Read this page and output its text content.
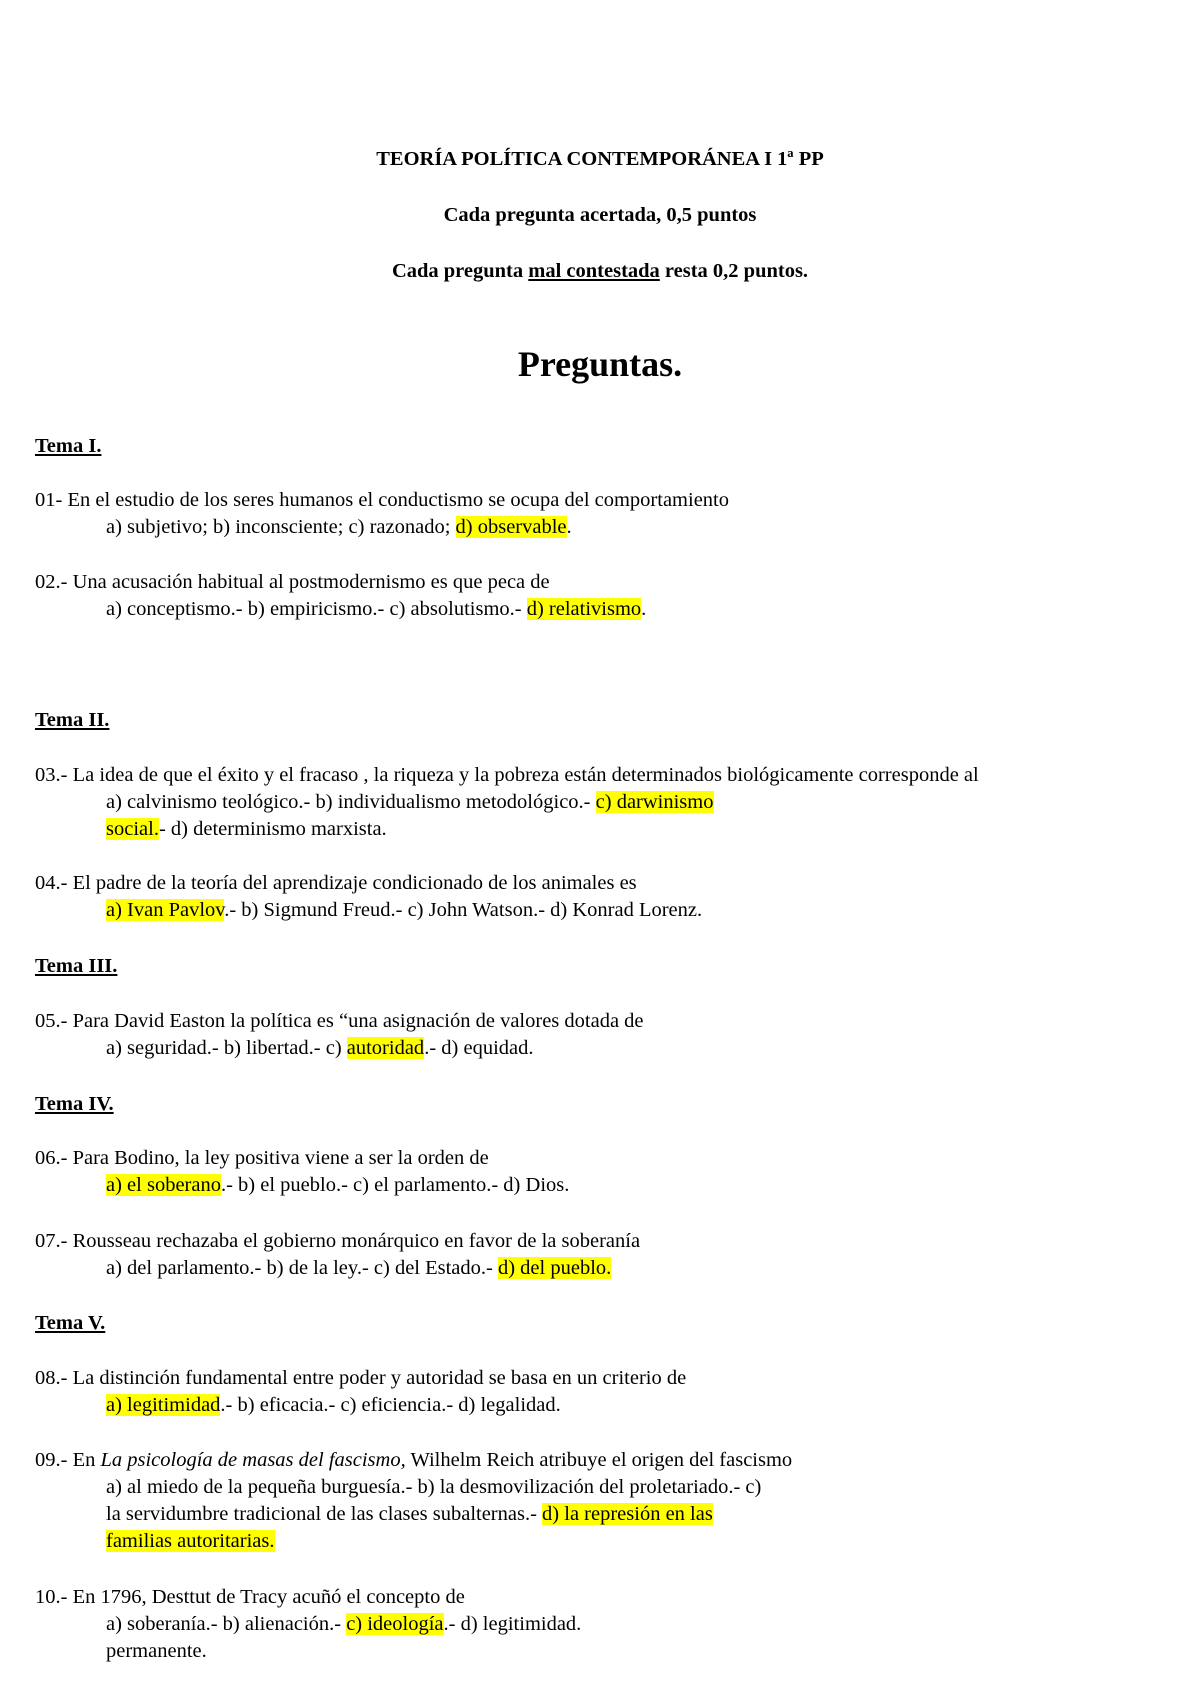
TEORÍA POLÍTICA CONTEMPORÁNEA I 1ª PP
Cada pregunta acertada, 0,5 puntos
Cada pregunta mal contestada resta 0,2 puntos.
Preguntas.
Tema I.
01- En el estudio de los seres humanos el conductismo se ocupa del comportamiento
a) subjetivo; b) inconsciente; c) razonado; d) observable.
02.- Una acusación habitual al postmodernismo es que peca de
a) conceptismo.- b) empiricismo.- c) absolutismo.- d) relativismo.
Tema II.
03.- La idea de que el éxito y el fracaso , la riqueza y la pobreza están determinados biológicamente corresponde al
a) calvinismo teológico.- b) individualismo metodológico.- c) darwinismo
social.- d) determinismo marxista.
04.- El padre de la teoría del aprendizaje condicionado de los animales es
a) Ivan Pavlov.- b) Sigmund Freud.- c) John Watson.- d) Konrad Lorenz.
Tema III.
05.- Para David Easton la política es “una asignación de valores dotada de
a) seguridad.- b) libertad.- c) autoridad.- d) equidad.
Tema IV.
06.- Para Bodino, la ley positiva viene a ser la orden de
a) el soberano.- b) el pueblo.- c) el parlamento.- d) Dios.
07.- Rousseau rechazaba el gobierno monárquico en favor de la soberanía
a) del parlamento.- b) de la ley.- c) del Estado.- d) del pueblo.
Tema V.
08.- La distinción fundamental entre poder y autoridad se basa en un criterio de
a) legitimidad.- b) eficacia.- c) eficiencia.- d) legalidad.
09.- En La psicología de masas del fascismo, Wilhelm Reich atribuye el origen del fascismo
a) al miedo de la pequeña burguesía.- b) la desmovilización del proletariado.- c)
la servidumbre tradicional de las clases subalternas.- d) la represión en las
familias autoritarias.
10.- En 1796, Desttut de Tracy acuñó el concepto de
a) soberanía.- b) alienación.- c) ideología.- d) legitimidad.
permanente.
